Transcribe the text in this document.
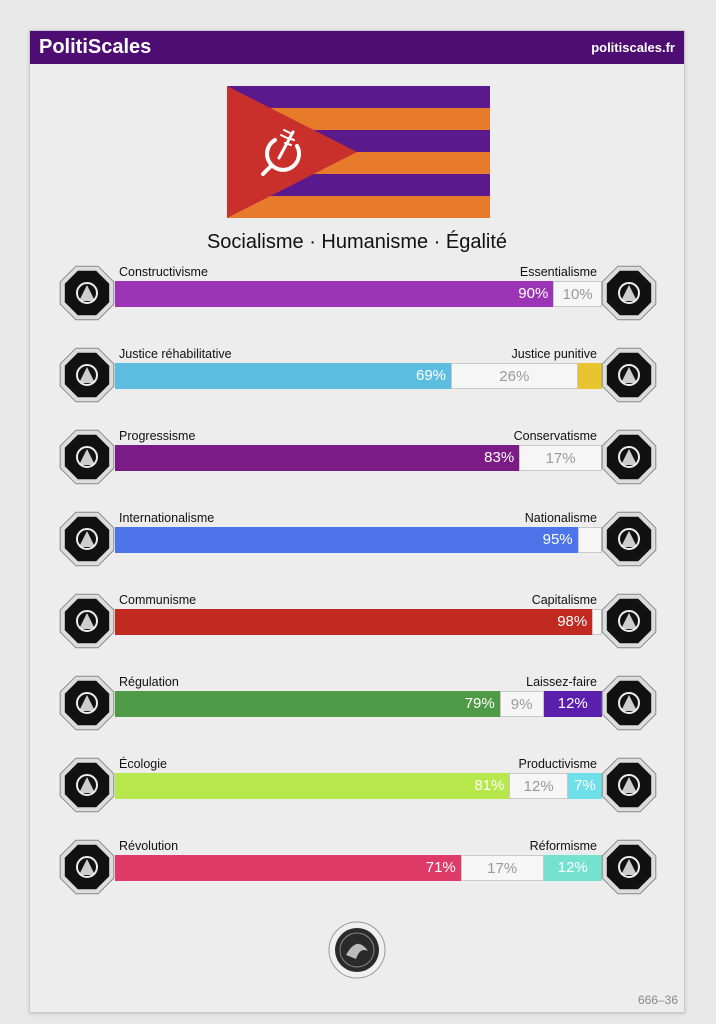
PolitiScales	politiscales.fr
Socialisme · Humanisme · Égalité
Constructivisme	Essentialisme
90% 10%
Justice réhabilitative	Justice punitive
69%	26%
Progressisme	Conservatisme
83%	17%
Internationalisme	Nationalisme
95%
Communisme	Capitalisme
98%
Régulation	Laissez-faire
79%	9%	12%
Écologie	Productivisme
81%	12%	7%
Révolution	Réformisme
71%	17%	12%
666–36
